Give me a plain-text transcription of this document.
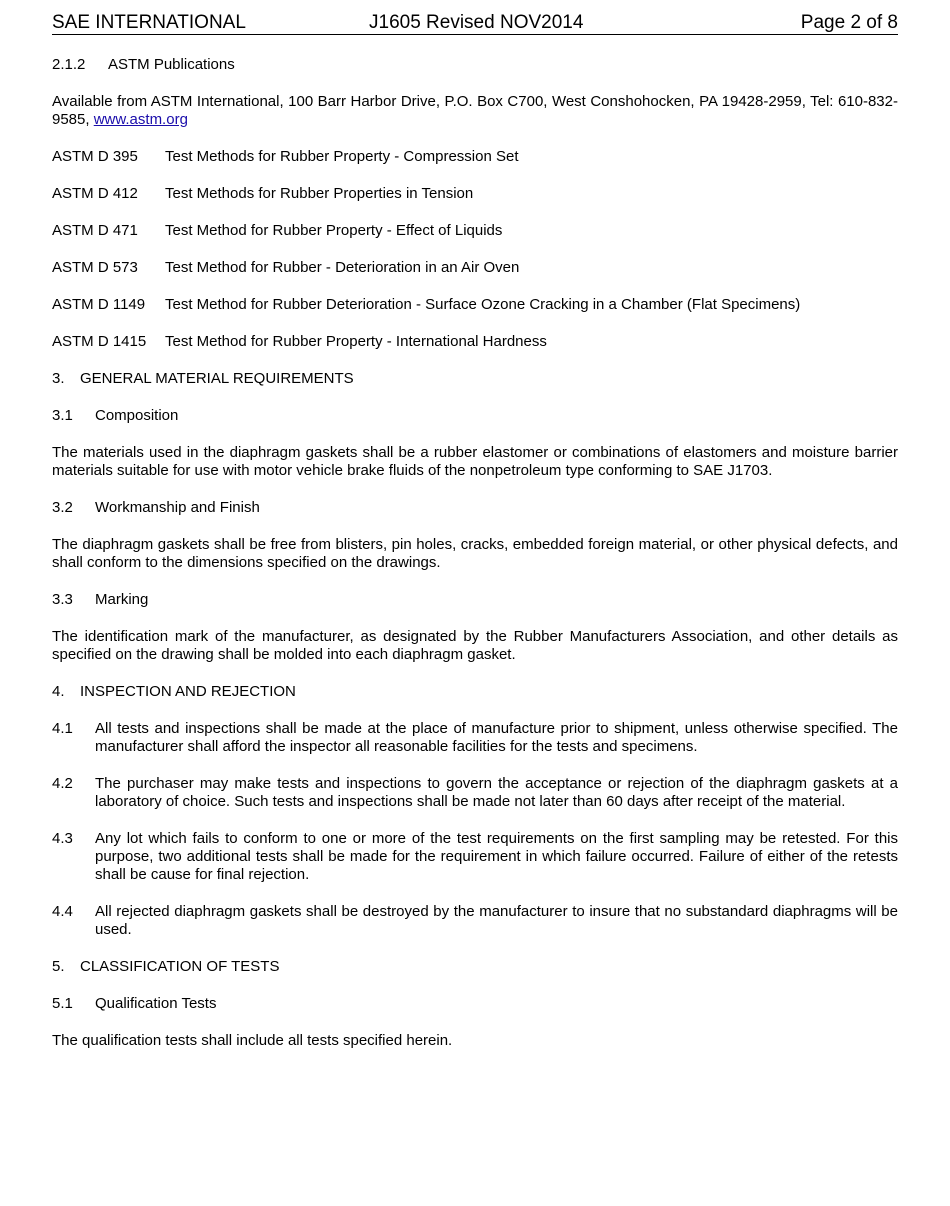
SAE INTERNATIONAL	J1605 Revised NOV2014	Page 2 of 8
2.1.2 ASTM Publications
Available from ASTM International, 100 Barr Harbor Drive, P.O. Box C700, West Conshohocken, PA 19428-2959, Tel: 610-832-9585, www.astm.org
ASTM D 395	Test Methods for Rubber Property - Compression Set
ASTM D 412	Test Methods for Rubber Properties in Tension
ASTM D 471	Test Method for Rubber Property - Effect of Liquids
ASTM D 573	Test Method for Rubber - Deterioration in an Air Oven
ASTM D 1149	Test Method for Rubber Deterioration - Surface Ozone Cracking in a Chamber (Flat Specimens)
ASTM D 1415	Test Method for Rubber Property - International Hardness
3. GENERAL MATERIAL REQUIREMENTS
3.1 Composition
The materials used in the diaphragm gaskets shall be a rubber elastomer or combinations of elastomers and moisture barrier materials suitable for use with motor vehicle brake fluids of the nonpetroleum type conforming to SAE J1703.
3.2 Workmanship and Finish
The diaphragm gaskets shall be free from blisters, pin holes, cracks, embedded foreign material, or other physical defects, and shall conform to the dimensions specified on the drawings.
3.3 Marking
The identification mark of the manufacturer, as designated by the Rubber Manufacturers Association, and other details as specified on the drawing shall be molded into each diaphragm gasket.
4. INSPECTION AND REJECTION
4.1	All tests and inspections shall be made at the place of manufacture prior to shipment, unless otherwise specified. The manufacturer shall afford the inspector all reasonable facilities for the tests and specimens.
4.2	The purchaser may make tests and inspections to govern the acceptance or rejection of the diaphragm gaskets at a laboratory of choice. Such tests and inspections shall be made not later than 60 days after receipt of the material.
4.3	Any lot which fails to conform to one or more of the test requirements on the first sampling may be retested. For this purpose, two additional tests shall be made for the requirement in which failure occurred. Failure of either of the retests shall be cause for final rejection.
4.4	All rejected diaphragm gaskets shall be destroyed by the manufacturer to insure that no substandard diaphragms will be used.
5. CLASSIFICATION OF TESTS
5.1 Qualification Tests
The qualification tests shall include all tests specified herein.
